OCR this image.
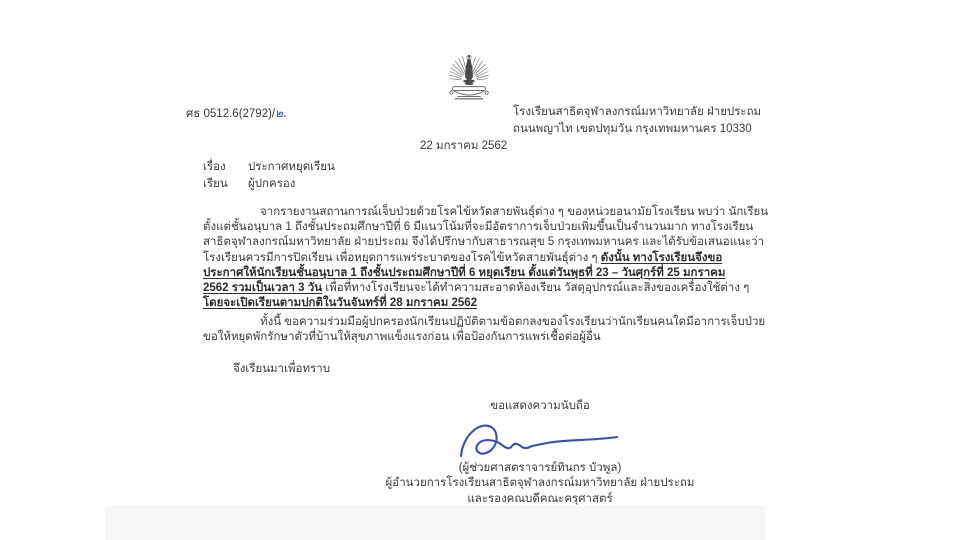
ศธ 0512.6(2792)/๒.	โรงเรียนสาธิตจุฬาลงกรณ์มหาวิทยาลัย ฝ่ายประถม
ถนนพญาไท เขตปทุมวัน กรุงเทพมหานคร 10330
22 มกราคม 2562
เรื่อง ประกาศหยุดเรียน
เรียน ผู้ปกครอง
จากรายงานสถานการณ์เจ็บป่วยด้วยโรคไข้หวัดสายพันธุ์ต่าง ๆ ของหน่วยอนามัยโรงเรียน พบว่า นักเรียน
ตั้งแต่ชั้นอนุบาล 1 ถึงชั้นประถมศึกษาปีที่ 6 มีแนวโน้มที่จะมีอัตราการเจ็บป่วยเพิ่มขึ้นเป็นจำนวนมาก ทางโรงเรียน
สาธิตจุฬาลงกรณ์มหาวิทยาลัย ฝ่ายประถม จึงได้ปรึกษากับสาธารณสุข 5 กรุงเทพมหานคร และได้รับข้อเสนอแนะว่า
โรงเรียนควรมีการปิดเรียน เพื่อหยุดการแพร่ระบาดของโรคไข้หวัดสายพันธุ์ต่าง ๆ ดังนั้น ทางโรงเรียนจึงขอ
ประกาศให้นักเรียนชั้นอนุบาล 1 ถึงชั้นประถมศึกษาปีที่ 6 หยุดเรียน ตั้งแต่วันพุธที่ 23 – วันศุกร์ที่ 25 มกราคม
2562 รวมเป็นเวลา 3 วัน เพื่อที่ทางโรงเรียนจะได้ทำความสะอาดห้องเรียน วัสดุอุปกรณ์และสิ่งของเครื่องใช้ต่าง ๆ
โดยจะเปิดเรียนตามปกติในวันจันทร์ที่ 28 มกราคม 2562
ทั้งนี้ ขอความร่วมมือผู้ปกครองนักเรียนปฏิบัติตามข้อตกลงของโรงเรียนว่านักเรียนคนใดมีอาการเจ็บป่วย
ขอให้หยุดพักรักษาตัวที่บ้านให้สุขภาพแข็งแรงก่อน เพื่อป้องกันการแพร่เชื้อต่อผู้อื่น
จึงเรียนมาเพื่อทราบ
ขอแสดงความนับถือ
(ผู้ช่วยศาสตราจารย์ทินกร บัวพูล)
ผู้อำนวยการโรงเรียนสาธิตจุฬาลงกรณ์มหาวิทยาลัย ฝ่ายประถม
และรองคณบดีคณะครุศาสตร์
